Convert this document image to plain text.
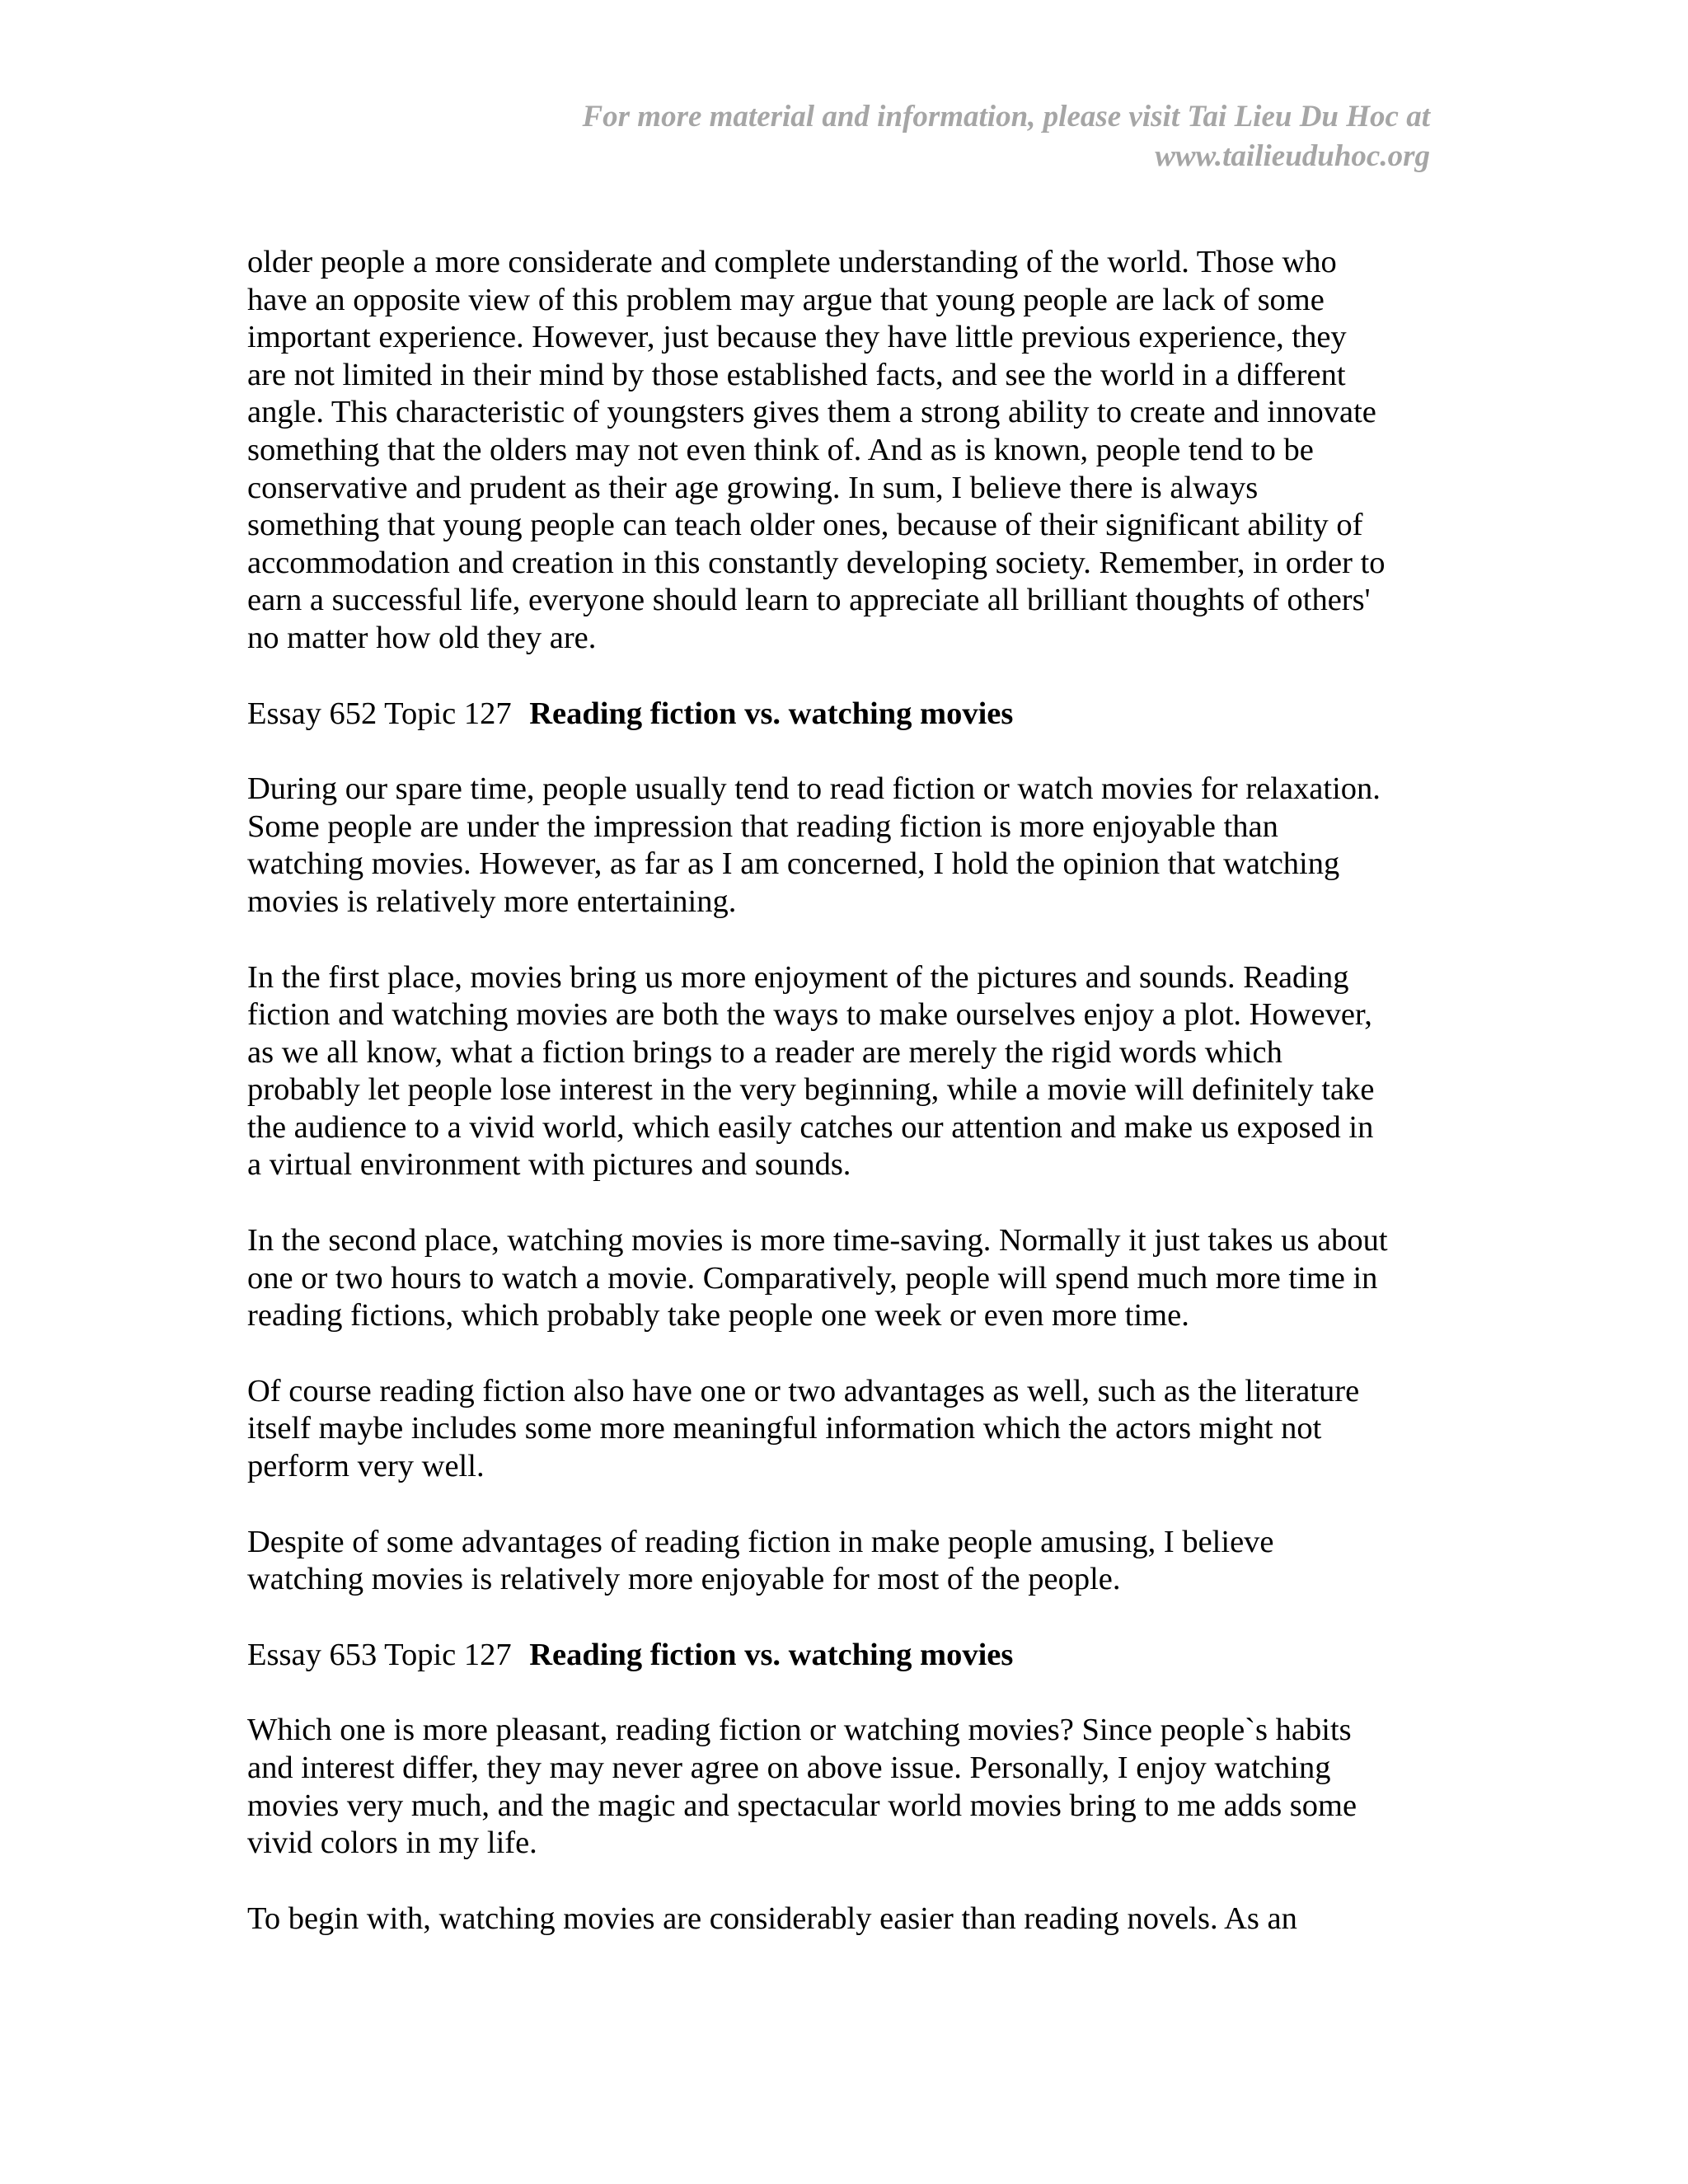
For more material and information, please visit Tai Lieu Du Hoc at
www.tailieuduhoc.org
older people a more considerate and complete understanding of the world. Those who
have an opposite view of this problem may argue that young people are lack of some
important experience. However, just because they have little previous experience, they
are not limited in their mind by those established facts, and see the world in a different
angle. This characteristic of youngsters gives them a strong ability to create and innovate
something that the olders may not even think of. And as is known, people tend to be
conservative and prudent as their age growing. In sum, I believe there is always
something that young people can teach older ones, because of their significant ability of
accommodation and creation in this constantly developing society. Remember, in order to
earn a successful life, everyone should learn to appreciate all brilliant thoughts of others'
no matter how old they are.
Essay 652 Topic 127 Reading fiction vs. watching movies
During our spare time, people usually tend to read fiction or watch movies for relaxation.
Some people are under the impression that reading fiction is more enjoyable than
watching movies. However, as far as I am concerned, I hold the opinion that watching
movies is relatively more entertaining.
In the first place, movies bring us more enjoyment of the pictures and sounds. Reading
fiction and watching movies are both the ways to make ourselves enjoy a plot. However,
as we all know, what a fiction brings to a reader are merely the rigid words which
probably let people lose interest in the very beginning, while a movie will definitely take
the audience to a vivid world, which easily catches our attention and make us exposed in
a virtual environment with pictures and sounds.
In the second place, watching movies is more time-saving. Normally it just takes us about
one or two hours to watch a movie. Comparatively, people will spend much more time in
reading fictions, which probably take people one week or even more time.
Of course reading fiction also have one or two advantages as well, such as the literature
itself maybe includes some more meaningful information which the actors might not
perform very well.
Despite of some advantages of reading fiction in make people amusing, I believe
watching movies is relatively more enjoyable for most of the people.
Essay 653 Topic 127 Reading fiction vs. watching movies
Which one is more pleasant, reading fiction or watching movies? Since people`s habits
and interest differ, they may never agree on above issue. Personally, I enjoy watching
movies very much, and the magic and spectacular world movies bring to me adds some
vivid colors in my life.
To begin with, watching movies are considerably easier than reading novels. As an
